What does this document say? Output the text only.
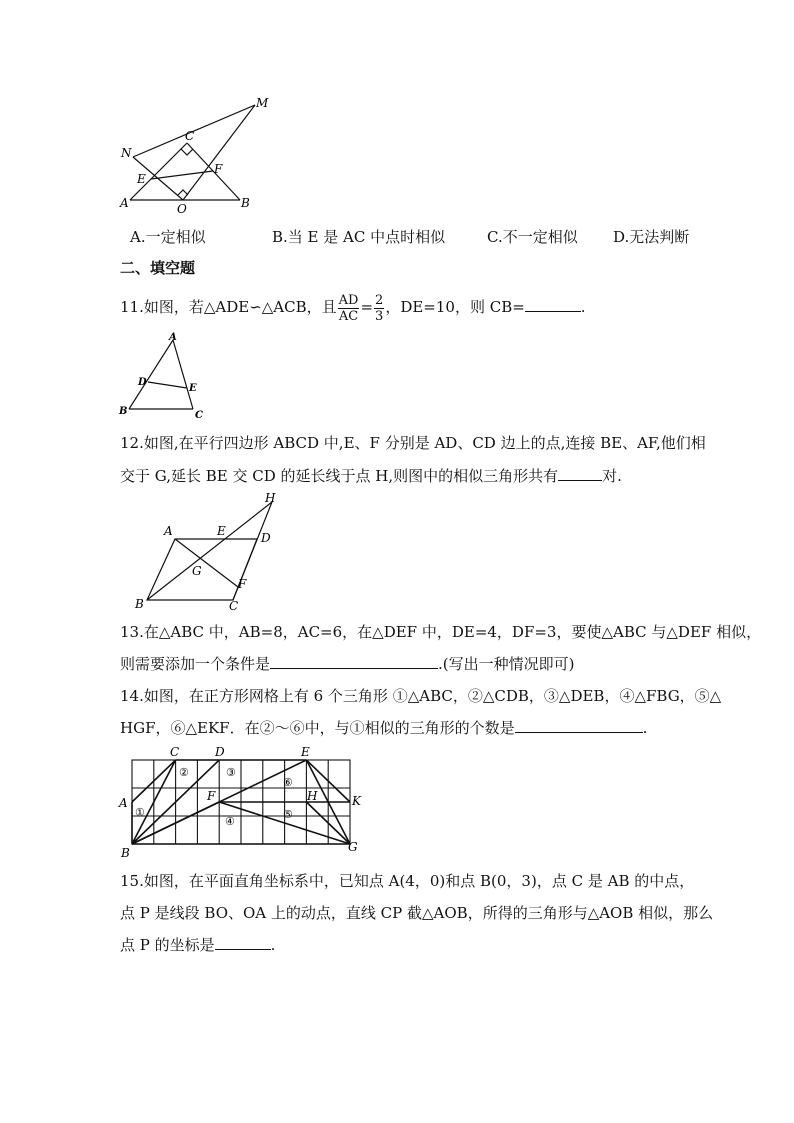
M
N
C
E
F
A	O	B
A.一定相似	B.当 E 是 AC 中点时相似	C.不一定相似 D.无法判断
二、填空题
11.如图，若△ADE∽△ACB，且 $\frac{AD}{AC} = \frac{2}{3}$ ，DE=10，则 CB=	.
A
D
E
B	C
12.如图,在平行四边形 ABCD 中,E、F 分别是 AD、CD 边上的点,连接 BE、AF,他们相
交于 G,延长 BE 交 CD 的延长线于点 H,则图中的相似三角形共有	对.
H
A	E	D
G
F
B	C
13.在△ABC 中，AB=8，AC=6，在△DEF 中，DE=4，DF=3，要使△ABC 与△DEF 相似，
则需要添加一个条件是	.(写出一种情况即可)
14.如图，在正方形网格上有 6 个三角形 ①△ABC，②△CDB，③△DEB，④△FBG，⑤△
HGF，⑥△EKF．在②～⑥中，与①相似的三角形的个数是	.
C	D	E
A	F	H	K
B	G
①
②	③
④
⑤
⑥
15.如图，在平面直角坐标系中，已知点 A(4，0)和点 B(0，3)，点 C 是 AB 的中点，
点 P 是线段 BO、OA 上的动点，直线 CP 截△AOB，所得的三角形与△AOB 相似，那么
点 P 的坐标是	.
